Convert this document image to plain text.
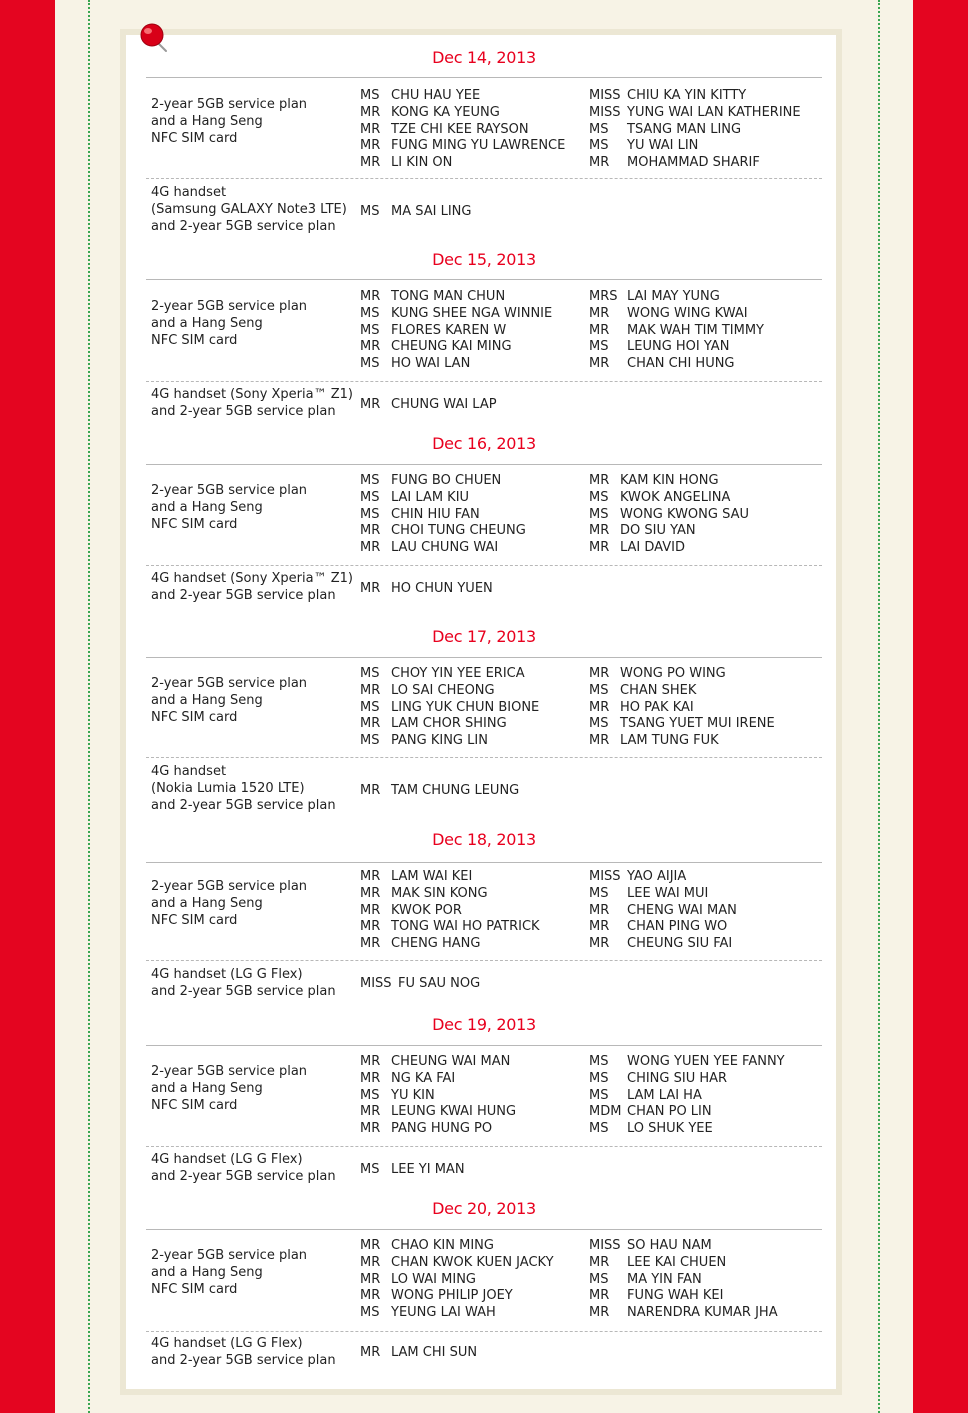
Dec 14, 2013
2-year 5GB service plan
and a Hang Seng
NFC SIM card
MS CHU HAU YEE
MR KONG KA YEUNG
MR TZE CHI KEE RAYSON
MR FUNG MING YU LAWRENCE
MR LI KIN ON
MISS CHIU KA YIN KITTY
MISS YUNG WAI LAN KATHERINE
MS TSANG MAN LING
MS YU WAI LIN
MR MOHAMMAD SHARIF
4G handset
(Samsung GALAXY Note3 LTE)
and 2-year 5GB service plan
MS MA SAI LING
Dec 15, 2013
2-year 5GB service plan
and a Hang Seng
NFC SIM card
MR TONG MAN CHUN
MS KUNG SHEE NGA WINNIE
MS FLORES KAREN W
MR CHEUNG KAI MING
MS HO WAI LAN
MRS LAI MAY YUNG
MR WONG WING KWAI
MR MAK WAH TIM TIMMY
MS LEUNG HOI YAN
MR CHAN CHI HUNG
4G handset (Sony Xperia™ Z1)
and 2-year 5GB service plan	MR CHUNG WAI LAP
Dec 16, 2013
2-year 5GB service plan
and a Hang Seng
NFC SIM card
MS FUNG BO CHUEN
MS LAI LAM KIU
MS CHIN HIU FAN
MR CHOI TUNG CHEUNG
MR LAU CHUNG WAI
MR KAM KIN HONG
MS KWOK ANGELINA
MS WONG KWONG SAU
MR DO SIU YAN
MR LAI DAVID
4G handset (Sony Xperia™ Z1)
and 2-year 5GB service plan	MR HO CHUN YUEN
Dec 17, 2013
2-year 5GB service plan
and a Hang Seng
NFC SIM card
MS CHOY YIN YEE ERICA
MR LO SAI CHEONG
MS LING YUK CHUN BIONE
MR LAM CHOR SHING
MS PANG KING LIN
MR WONG PO WING
MS CHAN SHEK
MR HO PAK KAI
MS TSANG YUET MUI IRENE
MR LAM TUNG FUK
4G handset
(Nokia Lumia 1520 LTE)
and 2-year 5GB service plan
MR TAM CHUNG LEUNG
Dec 18, 2013
2-year 5GB service plan
and a Hang Seng
NFC SIM card
MR LAM WAI KEI
MR MAK SIN KONG
MR KWOK POR
MR TONG WAI HO PATRICK
MR CHENG HANG
MISS YAO AIJIA
MS LEE WAI MUI
MR CHENG WAI MAN
MR CHAN PING WO
MR CHEUNG SIU FAI
4G handset (LG G Flex)
and 2-year 5GB service plan
MISS FU SAU NOG
Dec 19, 2013
2-year 5GB service plan
and a Hang Seng
NFC SIM card
MR CHEUNG WAI MAN
MR NG KA FAI
MS YU KIN
MR LEUNG KWAI HUNG
MR PANG HUNG PO
MS WONG YUEN YEE FANNY
MS CHING SIU HAR
MS LAM LAI HA
MDM CHAN PO LIN
MS LO SHUK YEE
4G handset (LG G Flex)
and 2-year 5GB service plan MS LEE YI MAN
Dec 20, 2013
2-year 5GB service plan
and a Hang Seng
NFC SIM card
MR CHAO KIN MING
MR CHAN KWOK KUEN JACKY
MR LO WAI MING
MR WONG PHILIP JOEY
MS YEUNG LAI WAH
MISS SO HAU NAM
MR LEE KAI CHUEN
MS MA YIN FAN
MR FUNG WAH KEI
MR NARENDRA KUMAR JHA
4G handset (LG G Flex)
and 2-year 5GB service plan
MR LAM CHI SUN
